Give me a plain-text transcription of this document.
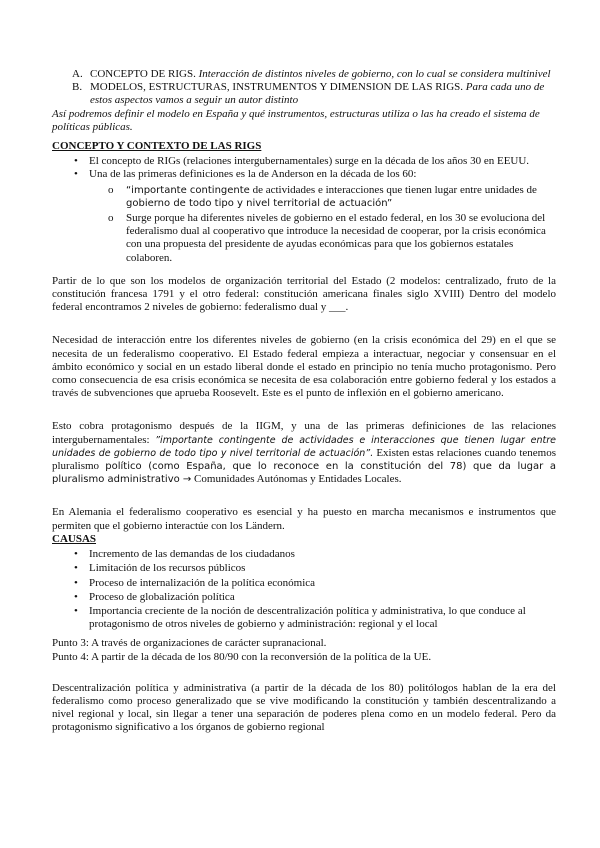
A. CONCEPTO DE RIGS. Interacción de distintos niveles de gobierno, con lo cual se considera multinivel
B. MODELOS, ESTRUCTURAS, INSTRUMENTOS Y DIMENSION DE LAS RIGS. Para cada uno de estos aspectos vamos a seguir un autor distinto

Así podremos definir el modelo en España y qué instrumentos, estructuras utiliza o las ha creado el sistema de políticas públicas.

CONCEPTO Y CONTEXTO DE LAS RIGS

• El concepto de RIGs (relaciones intergubernamentales) surge en la década de los años 30 en EEUU.
• Una de las primeras definiciones es la de Anderson en la década de los 60:
o “importante contingente de actividades e interacciones que tienen lugar entre unidades de gobierno de todo tipo y nivel territorial de actuación”
o Surge porque ha diferentes niveles de gobierno en el estado federal, en los 30 se evoluciona del federalismo dual al cooperativo que introduce la necesidad de cooperar, por la crisis económica con una propuesta del presidente de ayudas económicas para que los gobiernos estatales colaboren.

Partir de lo que son los modelos de organización territorial del Estado (2 modelos: centralizado, fruto de la constitución francesa 1791 y el otro federal: constitución americana finales siglo XVIII) Dentro del modelo federal encontramos 2 niveles de gobierno: federalismo dual y ___.

Necesidad de interacción entre los diferentes niveles de gobierno (en la crisis económica del 29) en el que se necesita de un federalismo cooperativo. El Estado federal empieza a interactuar, negociar y consensuar en el ámbito económico y social en un estado liberal donde el estado en principio no tenía mucho protagonismo. Pero como consecuencia de esa crisis económica se necesita de esa colaboración entre gobierno federal y los estados a través de subvenciones que aprueba Roosevelt. Este es el punto de inflexión en el gobierno americano.

Esto cobra protagonismo después de la IIGM, y una de las primeras definiciones de las relaciones intergubernamentales: ”importante contingente de actividades e interacciones que tienen lugar entre unidades de gobierno de todo tipo y nivel territorial de actuación”. Existen estas relaciones cuando tenemos pluralismo político (como España, que lo reconoce en la constitución del 78) que da lugar a pluralismo administrativo → Comunidades Autónomas y Entidades Locales.

En Alemania el federalismo cooperativo es esencial y ha puesto en marcha mecanismos e instrumentos que permiten que el gobierno interactúe con los Ländern.

CAUSAS

• Incremento de las demandas de los ciudadanos
• Limitación de los recursos públicos
• Proceso de internalización de la política económica
• Proceso de globalización política
• Importancia creciente de la noción de descentralización política y administrativa, lo que conduce al protagonismo de otros niveles de gobierno y administración: regional y el local

Punto 3: A través de organizaciones de carácter supranacional.

Punto 4: A partir de la década de los 80/90 con la reconversión de la política de la UE.

Descentralización política y administrativa (a partir de la década de los 80) politólogos hablan de la era del federalismo como proceso generalizado que se vive modificando la constitución y también descentralizando a nivel regional y local, sin llegar a tener una separación de poderes plena como en un modelo federal. Pero da protagonismo significativo a los órganos de gobierno regional
